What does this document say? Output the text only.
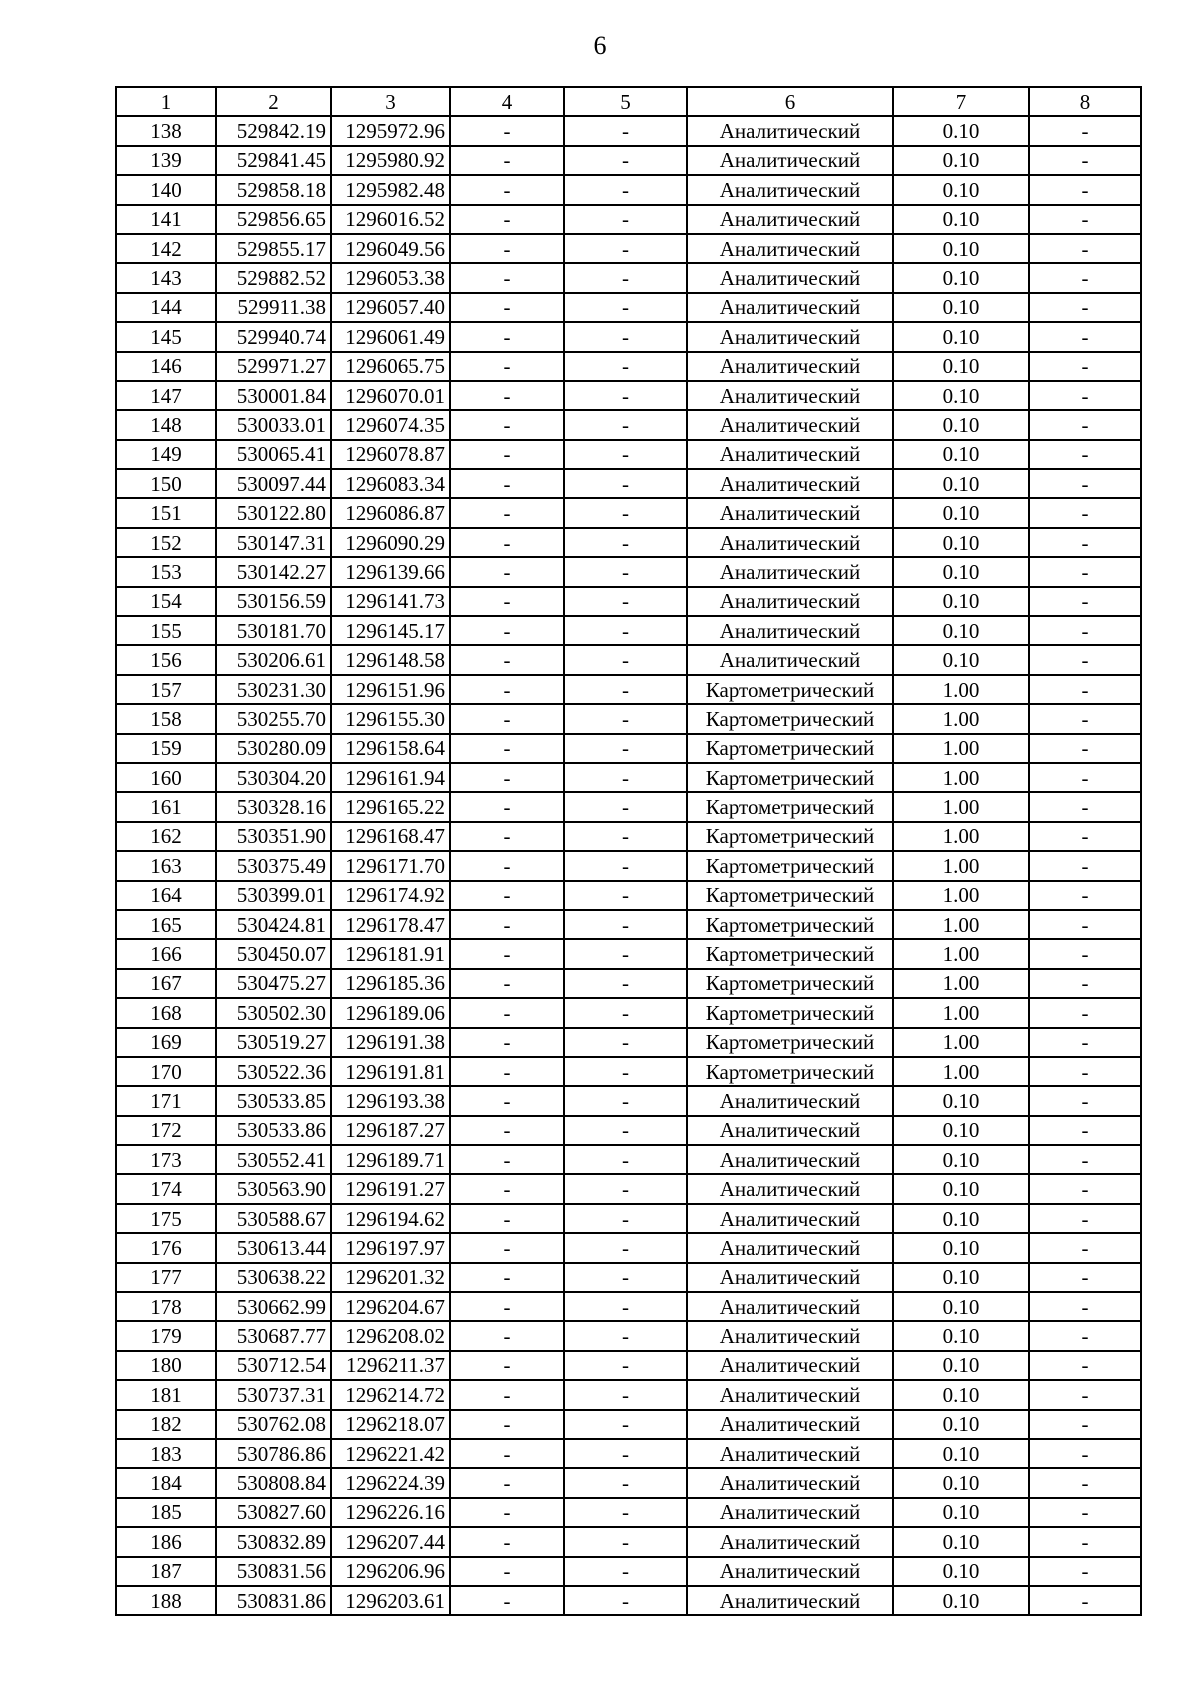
6
1	2	3	4	5	6	7	8
138	529842.19	1295972.96	-	-	Аналитический	0.10	-
139	529841.45	1295980.92	-	-	Аналитический	0.10	-
140	529858.18	1295982.48	-	-	Аналитический	0.10	-
141	529856.65	1296016.52	-	-	Аналитический	0.10	-
142	529855.17	1296049.56	-	-	Аналитический	0.10	-
143	529882.52	1296053.38	-	-	Аналитический	0.10	-
144	529911.38	1296057.40	-	-	Аналитический	0.10	-
145	529940.74	1296061.49	-	-	Аналитический	0.10	-
146	529971.27	1296065.75	-	-	Аналитический	0.10	-
147	530001.84	1296070.01	-	-	Аналитический	0.10	-
148	530033.01	1296074.35	-	-	Аналитический	0.10	-
149	530065.41	1296078.87	-	-	Аналитический	0.10	-
150	530097.44	1296083.34	-	-	Аналитический	0.10	-
151	530122.80	1296086.87	-	-	Аналитический	0.10	-
152	530147.31	1296090.29	-	-	Аналитический	0.10	-
153	530142.27	1296139.66	-	-	Аналитический	0.10	-
154	530156.59	1296141.73	-	-	Аналитический	0.10	-
155	530181.70	1296145.17	-	-	Аналитический	0.10	-
156	530206.61	1296148.58	-	-	Аналитический	0.10	-
157	530231.30	1296151.96	-	-	Картометрический	1.00	-
158	530255.70	1296155.30	-	-	Картометрический	1.00	-
159	530280.09	1296158.64	-	-	Картометрический	1.00	-
160	530304.20	1296161.94	-	-	Картометрический	1.00	-
161	530328.16	1296165.22	-	-	Картометрический	1.00	-
162	530351.90	1296168.47	-	-	Картометрический	1.00	-
163	530375.49	1296171.70	-	-	Картометрический	1.00	-
164	530399.01	1296174.92	-	-	Картометрический	1.00	-
165	530424.81	1296178.47	-	-	Картометрический	1.00	-
166	530450.07	1296181.91	-	-	Картометрический	1.00	-
167	530475.27	1296185.36	-	-	Картометрический	1.00	-
168	530502.30	1296189.06	-	-	Картометрический	1.00	-
169	530519.27	1296191.38	-	-	Картометрический	1.00	-
170	530522.36	1296191.81	-	-	Картометрический	1.00	-
171	530533.85	1296193.38	-	-	Аналитический	0.10	-
172	530533.86	1296187.27	-	-	Аналитический	0.10	-
173	530552.41	1296189.71	-	-	Аналитический	0.10	-
174	530563.90	1296191.27	-	-	Аналитический	0.10	-
175	530588.67	1296194.62	-	-	Аналитический	0.10	-
176	530613.44	1296197.97	-	-	Аналитический	0.10	-
177	530638.22	1296201.32	-	-	Аналитический	0.10	-
178	530662.99	1296204.67	-	-	Аналитический	0.10	-
179	530687.77	1296208.02	-	-	Аналитический	0.10	-
180	530712.54	1296211.37	-	-	Аналитический	0.10	-
181	530737.31	1296214.72	-	-	Аналитический	0.10	-
182	530762.08	1296218.07	-	-	Аналитический	0.10	-
183	530786.86	1296221.42	-	-	Аналитический	0.10	-
184	530808.84	1296224.39	-	-	Аналитический	0.10	-
185	530827.60	1296226.16	-	-	Аналитический	0.10	-
186	530832.89	1296207.44	-	-	Аналитический	0.10	-
187	530831.56	1296206.96	-	-	Аналитический	0.10	-
188	530831.86	1296203.61	-	-	Аналитический	0.10	-
